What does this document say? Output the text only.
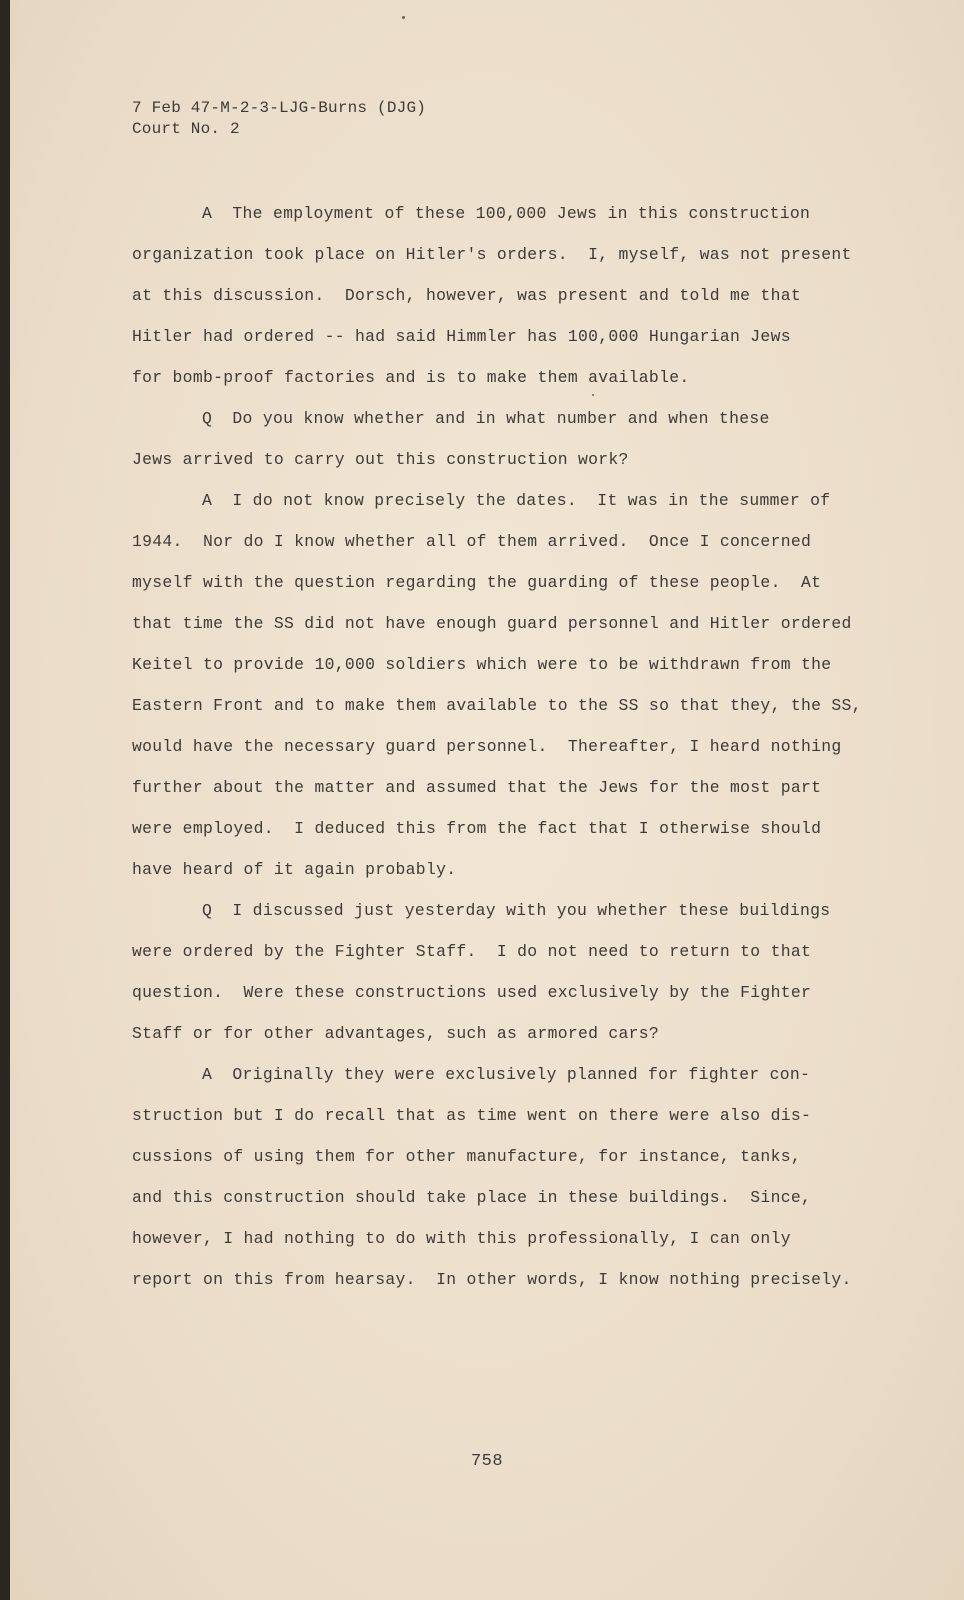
7 Feb 47-M-2-3-LJG-Burns (DJG)
Court No. 2
A  The employment of these 100,000 Jews in this construction
organization took place on Hitler's orders.  I, myself, was not present
at this discussion.  Dorsch, however, was present and told me that
Hitler had ordered -- had said Himmler has 100,000 Hungarian Jews
for bomb-proof factories and is to make them available.
Q  Do you know whether and in what number and when these
Jews arrived to carry out this construction work?
A  I do not know precisely the dates.  It was in the summer of
1944.  Nor do I know whether all of them arrived.  Once I concerned
myself with the question regarding the guarding of these people.  At
that time the SS did not have enough guard personnel and Hitler ordered
Keitel to provide 10,000 soldiers which were to be withdrawn from the
Eastern Front and to make them available to the SS so that they, the SS,
would have the necessary guard personnel.  Thereafter, I heard nothing
further about the matter and assumed that the Jews for the most part
were employed.  I deduced this from the fact that I otherwise should
have heard of it again probably.
Q  I discussed just yesterday with you whether these buildings
were ordered by the Fighter Staff.  I do not need to return to that
question.  Were these constructions used exclusively by the Fighter
Staff or for other advantages, such as armored cars?
A  Originally they were exclusively planned for fighter con-
struction but I do recall that as time went on there were also dis-
cussions of using them for other manufacture, for instance, tanks,
and this construction should take place in these buildings.  Since,
however, I had nothing to do with this professionally, I can only
report on this from hearsay.  In other words, I know nothing precisely.
758
